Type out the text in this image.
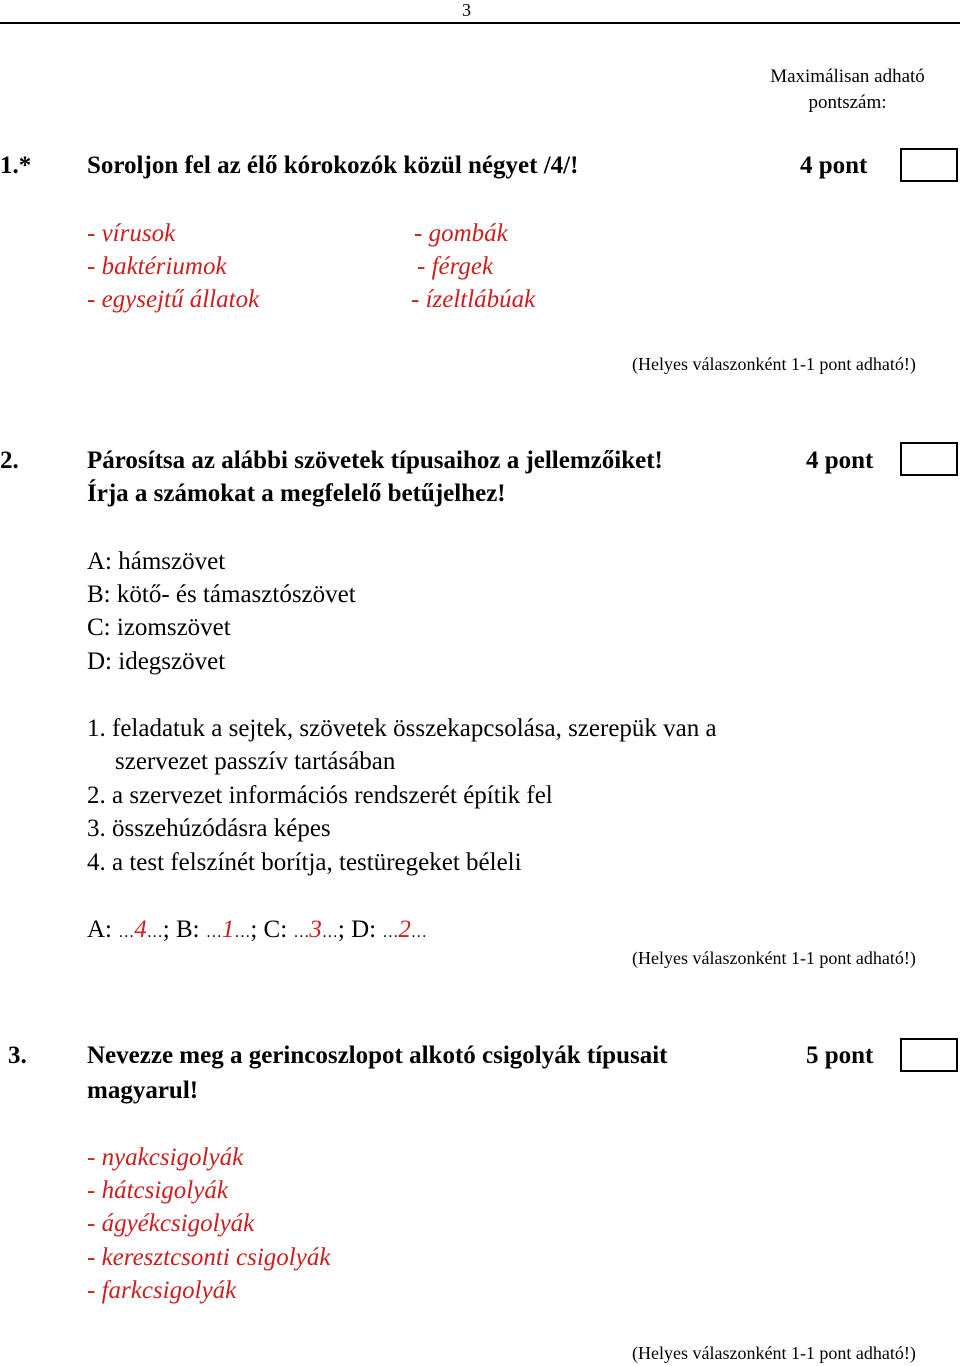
3
Maximálisan adható
pontszám:
1.* Soroljon fel az élő kórokozók közül négyet /4/!	4 pont
- vírusok
- baktériumok
- egysejtű állatok
- gombák
- férgek
- ízeltlábúak
(Helyes válaszonként 1-1 pont adható!)
2.	Párosítsa az alábbi szövetek típusaihoz a jellemzőiket!
Írja a számokat a megfelelő betűjelhez!
4 pont
A: hámszövet
B: kötő- és támasztószövet
C: izomszövet
D: idegszövet
1. feladatuk a sejtek, szövetek összekapcsolása, szerepük van a
szervezet passzív tartásában
2. a szervezet információs rendszerét építik fel
3. összehúzódásra képes
4. a test felszínét borítja, testüregeket béleli
A: …4…; B: …1…; C: …3…; D: …2…
(Helyes válaszonként 1-1 pont adható!)
3. Nevezze meg a gerincoszlopot alkotó csigolyák típusait
magyarul!
5 pont
- nyakcsigolyák
- hátcsigolyák
- ágyékcsigolyák
- keresztcsonti csigolyák
- farkcsigolyák
(Helyes válaszonként 1-1 pont adható!)
